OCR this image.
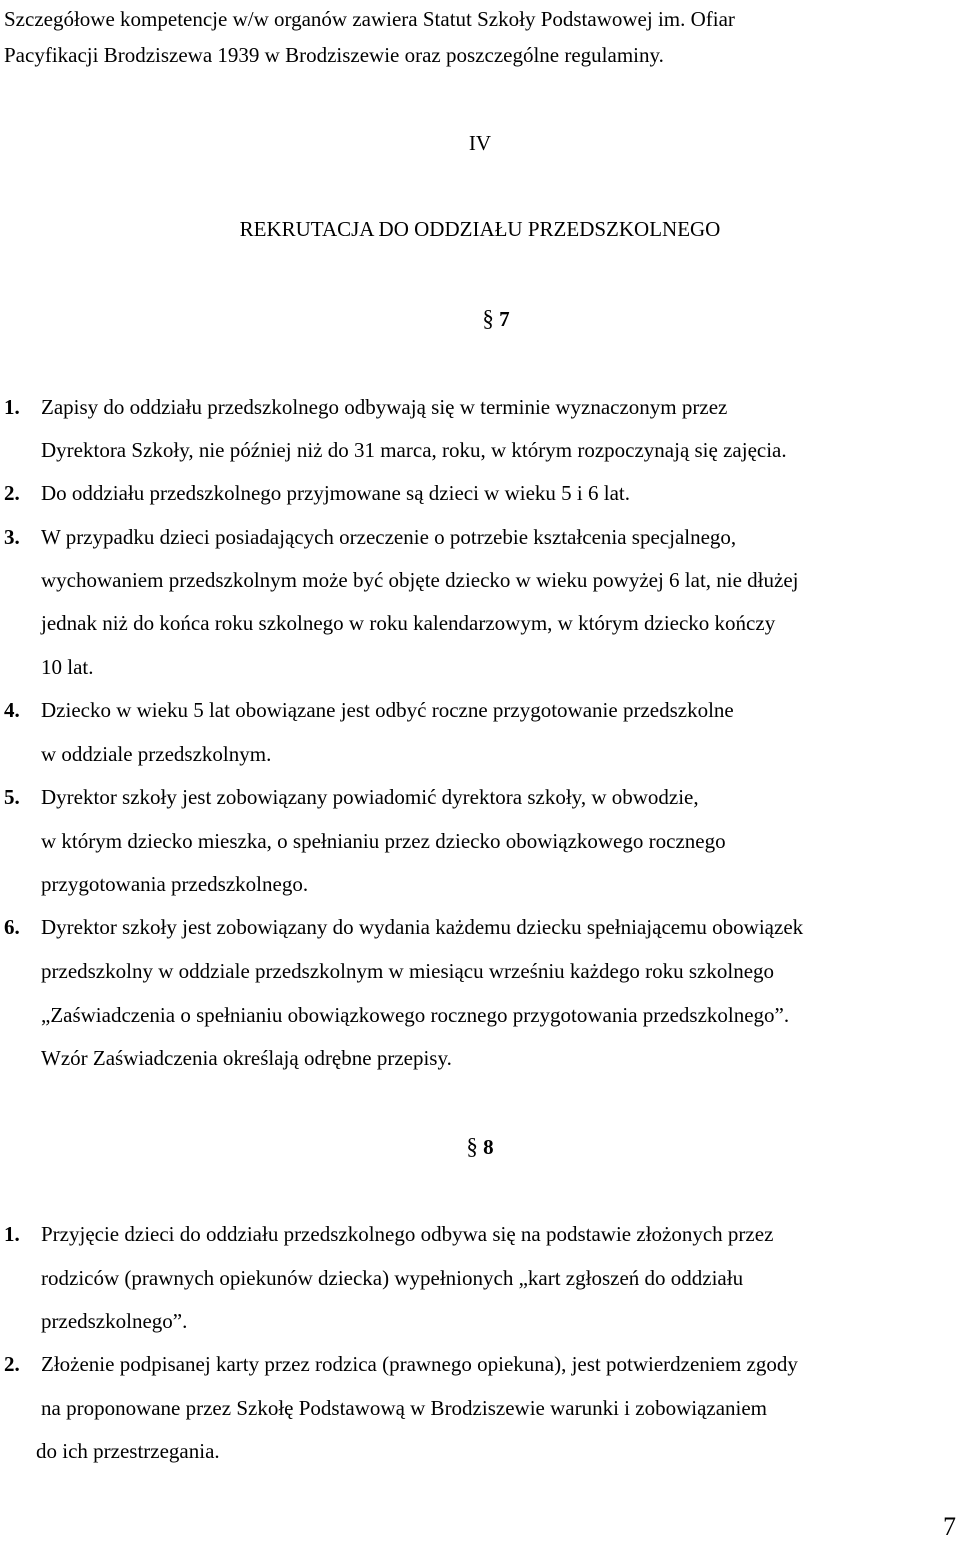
Szczegółowe kompetencje w/w organów zawiera Statut Szkoły Podstawowej im. Ofiar
Pacyfikacji Brodziszewa 1939 w Brodziszewie oraz poszczególne regulaminy.
IV
REKRUTACJA DO ODDZIAŁU PRZEDSZKOLNEGO
§ 7
1. Zapisy do oddziału przedszkolnego odbywają się w terminie wyznaczonym przez
Dyrektora Szkoły, nie później niż do 31 marca, roku, w którym rozpoczynają się zajęcia.
2. Do oddziału przedszkolnego przyjmowane są dzieci w wieku 5 i 6 lat.
3. W przypadku dzieci posiadających orzeczenie o potrzebie kształcenia specjalnego,
wychowaniem przedszkolnym może być objęte dziecko w wieku powyżej 6 lat, nie dłużej
jednak niż do końca roku szkolnego w roku kalendarzowym, w którym dziecko kończy
10 lat.
4. Dziecko w wieku 5 lat obowiązane jest odbyć roczne przygotowanie przedszkolne
w oddziale przedszkolnym.
5. Dyrektor szkoły jest zobowiązany powiadomić dyrektora szkoły, w obwodzie,
w którym dziecko mieszka, o spełnianiu przez dziecko obowiązkowego rocznego
przygotowania przedszkolnego.
6. Dyrektor szkoły jest zobowiązany do wydania każdemu dziecku spełniającemu obowiązek
przedszkolny w oddziale przedszkolnym w miesiącu wrześniu każdego roku szkolnego
„Zaświadczenia o spełnianiu obowiązkowego rocznego przygotowania przedszkolnego”.
Wzór Zaświadczenia określają odrębne przepisy.
§ 8
1. Przyjęcie dzieci do oddziału przedszkolnego odbywa się na podstawie złożonych przez
rodziców (prawnych opiekunów dziecka) wypełnionych „kart zgłoszeń do oddziału
przedszkolnego”.
2. Złożenie podpisanej karty przez rodzica (prawnego opiekuna), jest potwierdzeniem zgody
na proponowane przez Szkołę Podstawową w Brodziszewie warunki i zobowiązaniem
do ich przestrzegania.
7
